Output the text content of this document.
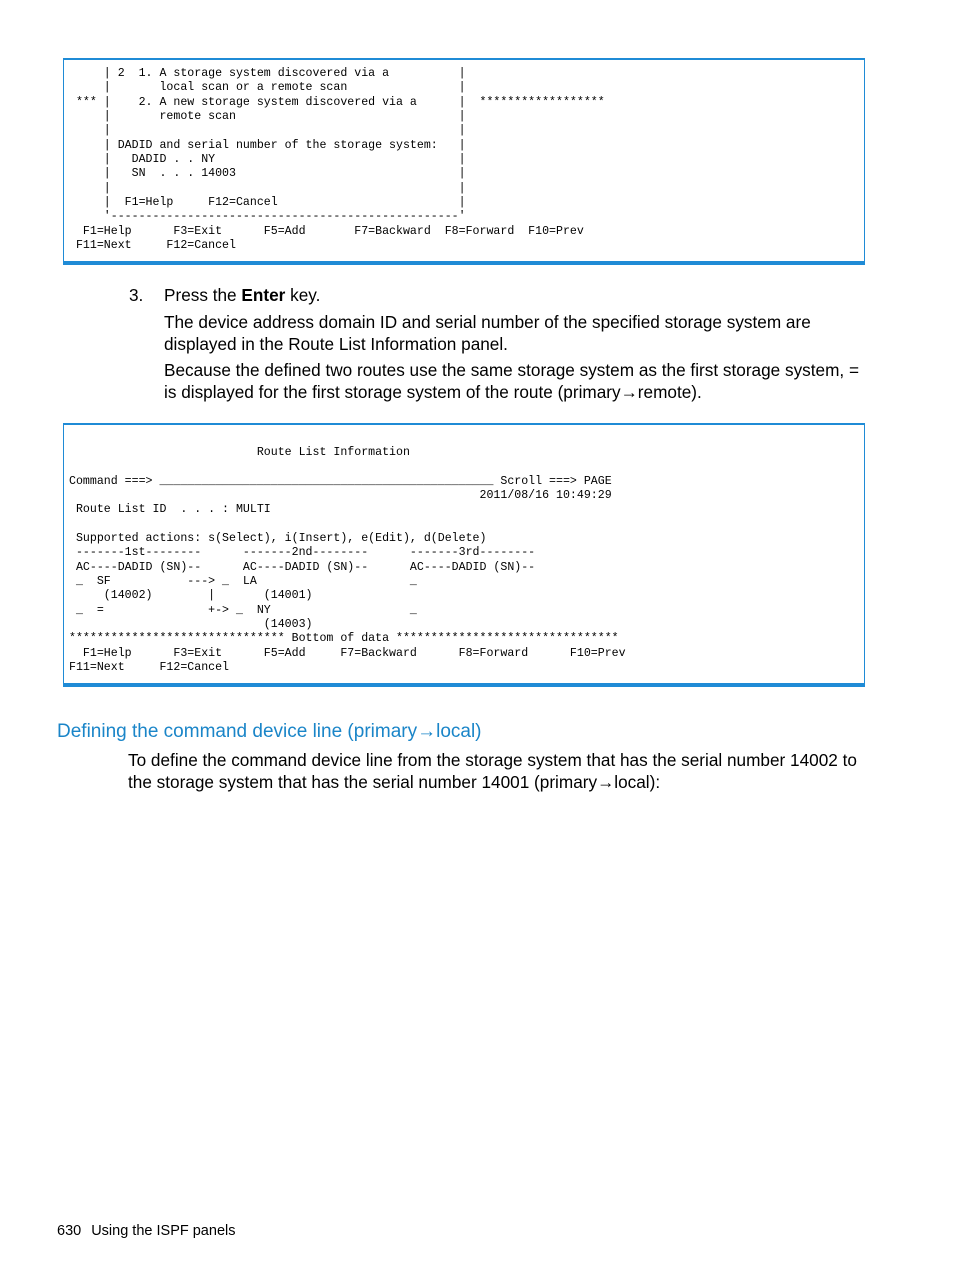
| 2  1. A storage system discovered via a          |
|       local scan or a remote scan                |
*** |    2. A new storage system discovered via a      |  ******************
|       remote scan                                |
|                                                  |
| DADID and serial number of the storage system:   |
|   DADID . . NY                                   |
|   SN  . . . 14003                                |
|                                                  |
|  F1=Help     F12=Cancel                          |
'--------------------------------------------------'
F1=Help      F3=Exit      F5=Add       F7=Backward  F8=Forward  F10=Prev
F11=Next     F12=Cancel

3. Press the Enter key.

The device address domain ID and serial number of the specified storage system are displayed in the Route List Information panel.

Because the defined two routes use the same storage system as the first storage system, = is displayed for the first storage system of the route (primary→remote).

Route List Information

Command ===> ________________________________________________ Scroll ===> PAGE
2011/08/16 10:49:29
Route List ID  . . . : MULTI

Supported actions: s(Select), i(Insert), e(Edit), d(Delete)
-------1st--------      -------2nd--------      -------3rd--------
AC----DADID (SN)--      AC----DADID (SN)--      AC----DADID (SN)--
_  SF           ---> _  LA                      _
(14002)        |       (14001)
_  =               +-> _  NY                    _
(14003)
******************************* Bottom of data ********************************
F1=Help      F3=Exit      F5=Add     F7=Backward      F8=Forward      F10=Prev
F11=Next     F12=Cancel
Defining the command device line (primary→local)

To define the command device line from the storage system that has the serial number 14002 to the storage system that has the serial number 14001 (primary→local):

630 Using the ISPF panels
